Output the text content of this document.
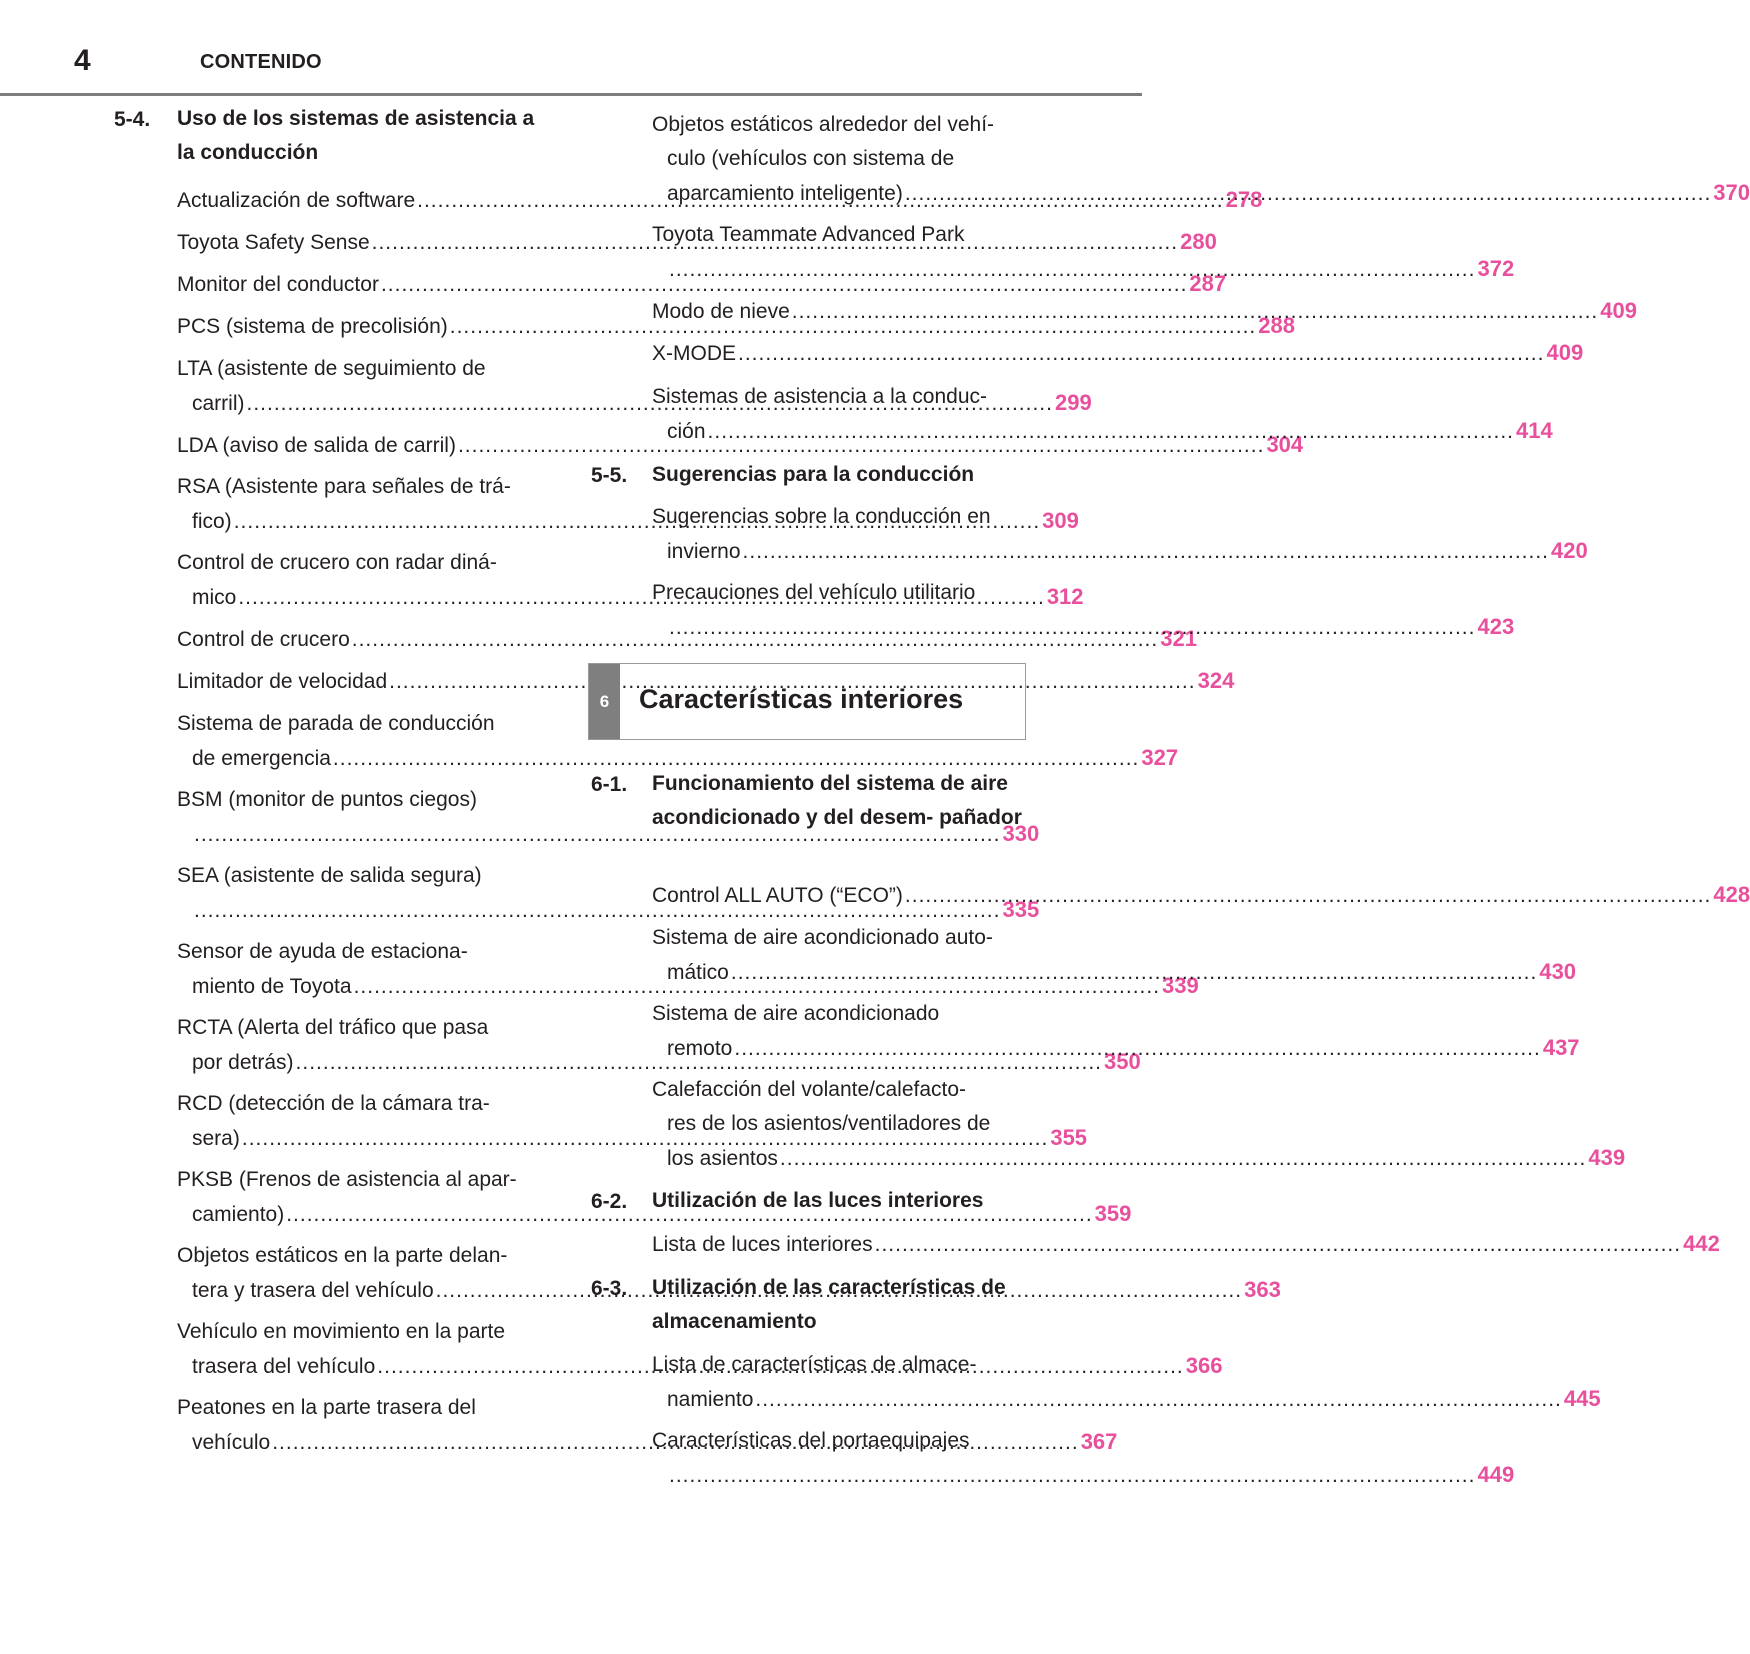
4	CONTENIDO
5-4. Uso de los sistemas de asistencia a la conducción
Actualización de software .....	278
Toyota Safety Sense .....	280
Monitor del conductor .....	287
PCS (sistema de precolisión) .....	288
LTA (asistente de seguimiento de
carril) .....	299
LDA (aviso de salida de carril) .....	304
RSA (Asistente para señales de trá-
fico) .....	309
Control de crucero con radar diná-
mico .....	312
Control de crucero .....	321
Limitador de velocidad .....	324
Sistema de parada de conducción
de emergencia .....	327
BSM (monitor de puntos ciegos)
..... 330
SEA (asistente de salida segura)
..... 335
Sensor de ayuda de estaciona-
miento de Toyota .....	339
RCTA (Alerta del tráfico que pasa
por detrás) .....	350
RCD (detección de la cámara tra-
sera) .....	355
PKSB (Frenos de asistencia al apar-
camiento) .....	359
Objetos estáticos en la parte delan-
tera y trasera del vehículo .....	363
Vehículo en movimiento en la parte
trasera del vehículo .....	366
Peatones en la parte trasera del
vehículo .....	367
Objetos estáticos alrededor del vehí-
culo (vehículos con sistema de
aparcamiento inteligente) .....	370
Toyota Teammate Advanced Park
..... 372
Modo de nieve .....	409
X-MODE .....	409
Sistemas de asistencia a la conduc-
ción .....	414
5-5. Sugerencias para la conducción
Sugerencias sobre la conducción en
invierno .....	420
Precauciones del vehículo utilitario
..... 423
6	Características interiores
6-1. Funcionamiento del sistema de aire acondicionado y del desem- pañador
Control ALL AUTO (“ECO”) .....	428
Sistema de aire acondicionado auto-
mático .....	430
Sistema de aire acondicionado
remoto .....	437
Calefacción del volante/calefacto-
res de los asientos/ventiladores de
los asientos .....	439
6-2. Utilización de las luces interiores
Lista de luces interiores .....	442
6-3. Utilización de las características de almacenamiento
Lista de características de almace-
namiento .....	445
Características del portaequipajes
..... 449
